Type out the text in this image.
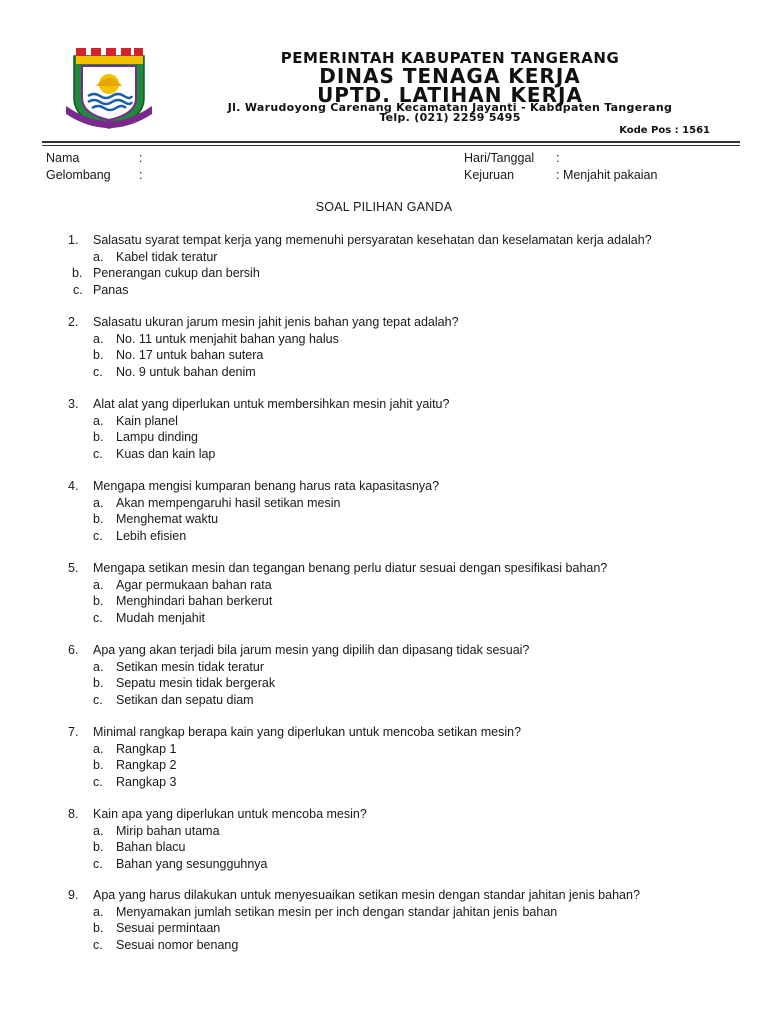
PEMERINTAH KABUPATEN TANGERANG
DINAS TENAGA KERJA
UPTD. LATIHAN KERJA
Jl. Warudoyong Carenang Kecamatan Jayanti - Kabupaten Tangerang
Telp. (021) 2259 5495
Kode Pos : 1561
Nama	:
Gelombang :
Hari/Tanggal :
Kejuruan	: Menjahit pakaian
SOAL PILIHAN GANDA
1. Salasatu syarat tempat kerja yang memenuhi persyaratan kesehatan dan keselamatan kerja adalah?
a. Kabel tidak teratur
b. Penerangan cukup dan bersih
c. Panas
2. Salasatu ukuran jarum mesin jahit jenis bahan yang tepat adalah?
a. No. 11 untuk menjahit bahan yang halus
b. No. 17 untuk bahan sutera
c. No. 9 untuk bahan denim
3. Alat alat yang diperlukan untuk membersihkan mesin jahit yaitu?
a. Kain planel
b. Lampu dinding
c. Kuas dan kain lap
4. Mengapa mengisi kumparan benang harus rata kapasitasnya?
a. Akan mempengaruhi hasil setikan mesin
b. Menghemat waktu
c. Lebih efisien
5. Mengapa setikan mesin dan tegangan benang perlu diatur sesuai dengan spesifikasi bahan?
a. Agar permukaan bahan rata
b. Menghindari bahan berkerut
c. Mudah menjahit
6. Apa yang akan terjadi bila jarum mesin yang dipilih dan dipasang tidak sesuai?
a. Setikan mesin tidak teratur
b. Sepatu mesin tidak bergerak
c. Setikan dan sepatu diam
7. Minimal rangkap berapa kain yang diperlukan untuk mencoba setikan mesin?
a. Rangkap 1
b. Rangkap 2
c. Rangkap 3
8. Kain apa yang diperlukan untuk mencoba mesin?
a. Mirip bahan utama
b. Bahan blacu
c. Bahan yang sesungguhnya
9. Apa yang harus dilakukan untuk menyesuaikan setikan mesin dengan standar jahitan jenis bahan?
a. Menyamakan jumlah setikan mesin per inch dengan standar jahitan jenis bahan
b. Sesuai permintaan
c. Sesuai nomor benang
